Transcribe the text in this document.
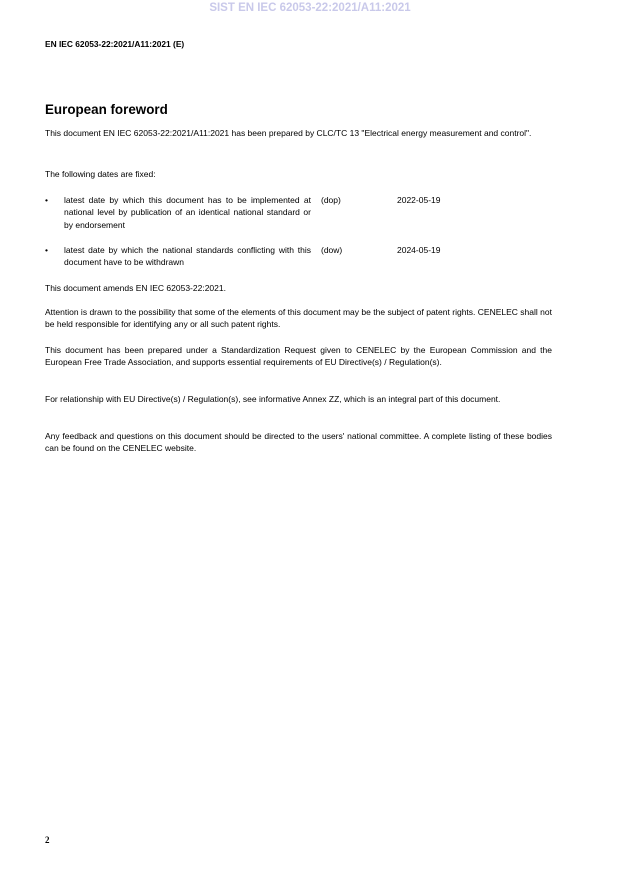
SIST EN IEC 62053-22:2021/A11:2021
EN IEC 62053-22:2021/A11:2021 (E)
European foreword
This document EN IEC 62053-22:2021/A11:2021 has been prepared by CLC/TC 13 "Electrical energy measurement and control".
The following dates are fixed:
• latest date by which this document has to be implemented at national level by publication of an identical national standard or by endorsement
(dop)	2022-05-19
• latest date by which the national standards conflicting with this document have to be withdrawn
(dow)	2024-05-19
This document amends EN IEC 62053-22:2021.
Attention is drawn to the possibility that some of the elements of this document may be the subject of patent rights. CENELEC shall not be held responsible for identifying any or all such patent rights.
This document has been prepared under a Standardization Request given to CENELEC by the European Commission and the European Free Trade Association, and supports essential requirements of EU Directive(s) / Regulation(s).
For relationship with EU Directive(s) / Regulation(s), see informative Annex ZZ, which is an integral part of this document.
Any feedback and questions on this document should be directed to the users' national committee. A complete listing of these bodies can be found on the CENELEC website.
2
